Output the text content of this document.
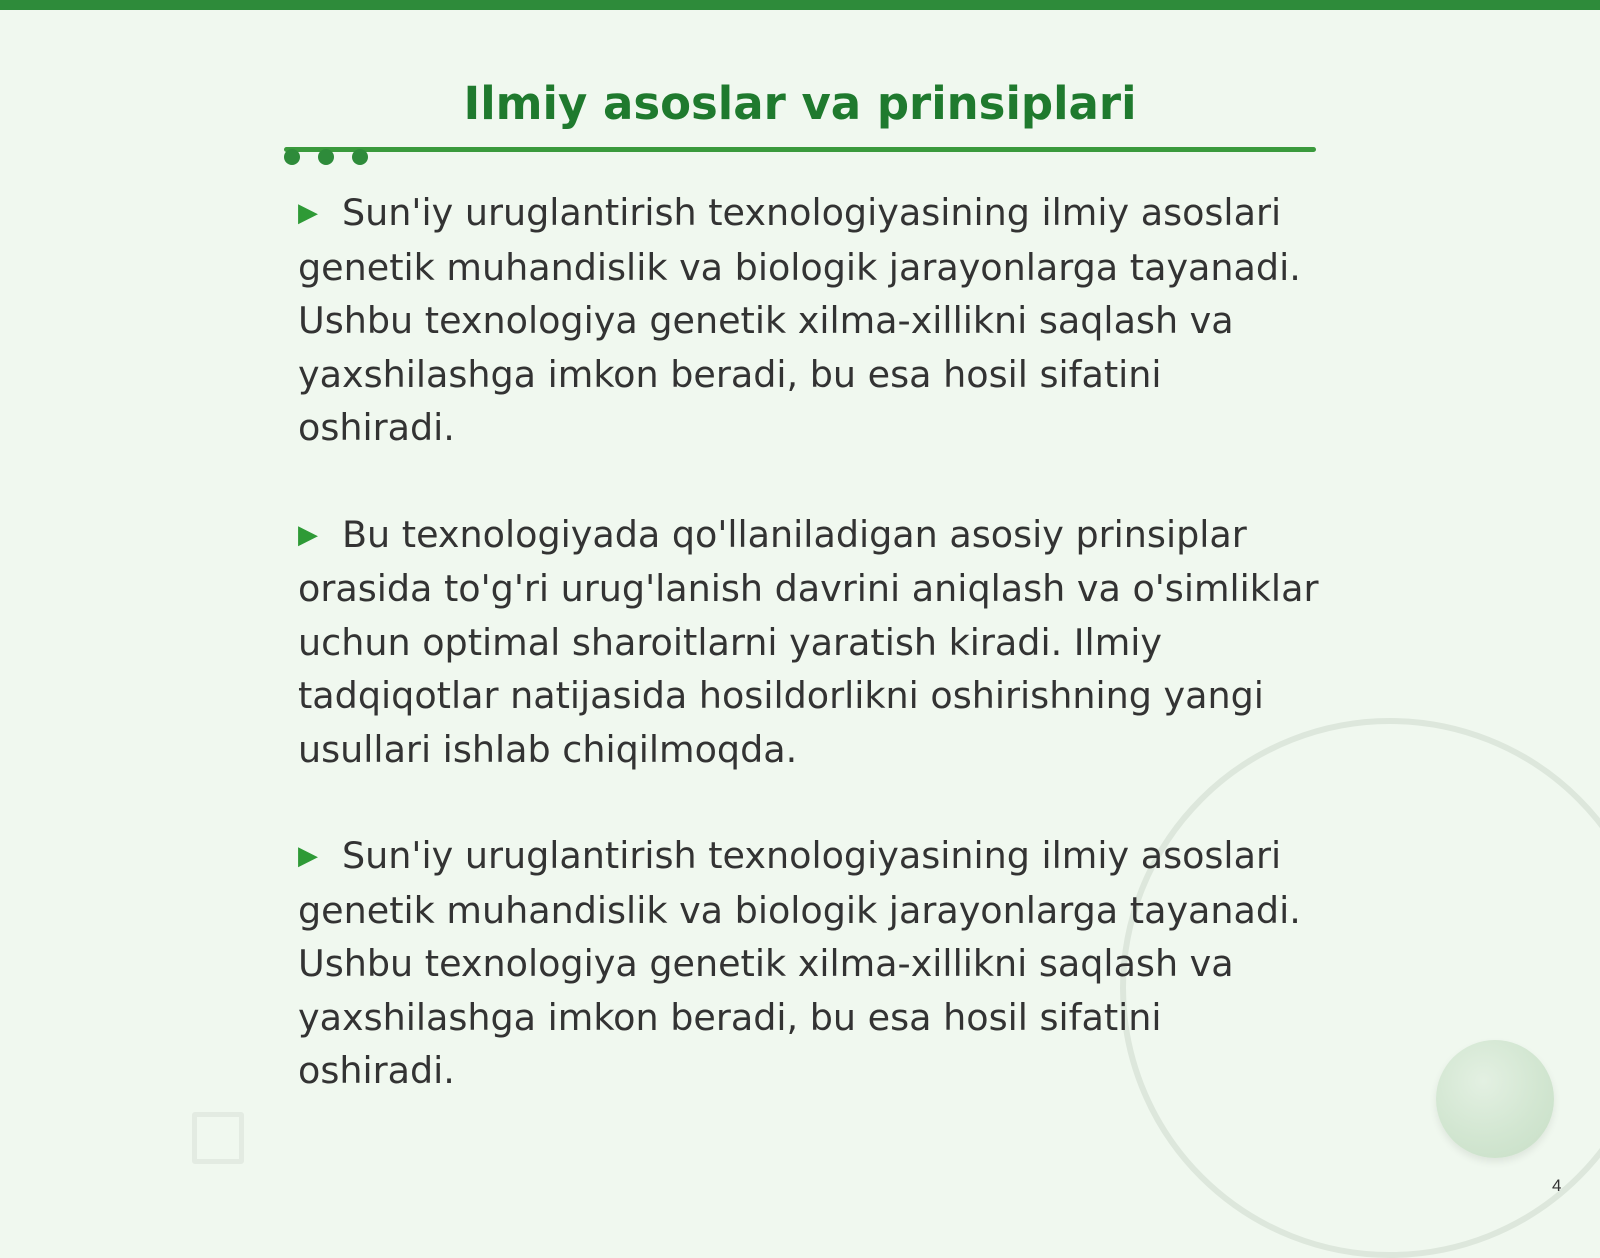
Ilmiy asoslar va prinsiplari

▶ Sun'iy uruglantirish texnologiyasining ilmiy asoslari genetik muhandislik va biologik jarayonlarga tayanadi. Ushbu texnologiya genetik xilma-xillikni saqlash va yaxshilashga imkon beradi, bu esa hosil sifatini oshiradi.

▶ Bu texnologiyada qo'llaniladigan asosiy prinsiplar orasida to'g'ri urug'lanish davrini aniqlash va o'simliklar uchun optimal sharoitlarni yaratish kiradi. Ilmiy tadqiqotlar natijasida hosildorlikni oshirishning yangi usullari ishlab chiqilmoqda.

▶ Sun'iy uruglantirish texnologiyasining ilmiy asoslari genetik muhandislik va biologik jarayonlarga tayanadi. Ushbu texnologiya genetik xilma-xillikni saqlash va yaxshilashga imkon beradi, bu esa hosil sifatini oshiradi.

4
